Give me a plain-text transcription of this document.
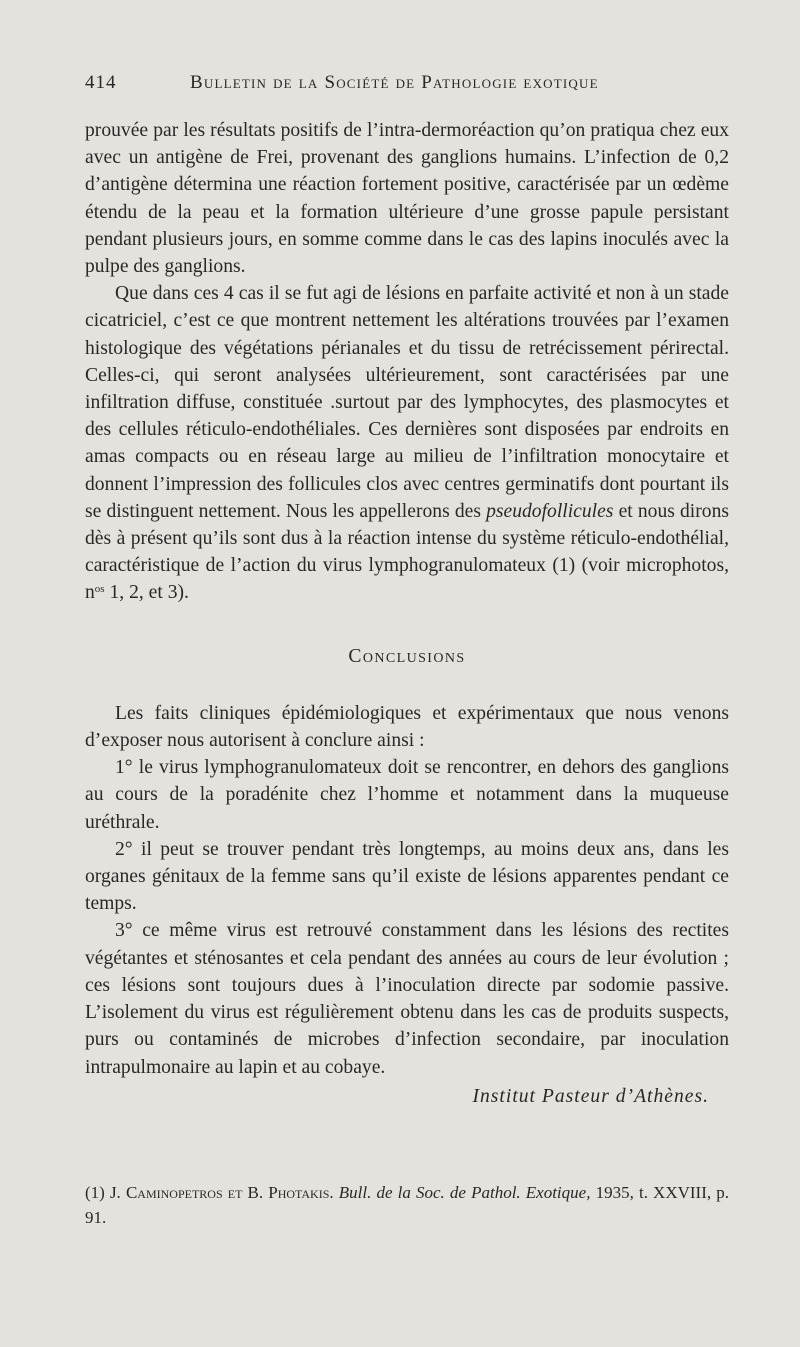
414	Bulletin de la Société de Pathologie exotique

prouvée par les résultats positifs de l’intra-dermoréaction qu’on pratiqua chez eux avec un antigène de Frei, provenant des ganglions humains. L’infection de 0,2 d’antigène détermina une réaction fortement positive, caractérisée par un œdème étendu de la peau et la formation ultérieure d’une grosse papule persistant pendant plusieurs jours, en somme comme dans le cas des lapins inoculés avec la pulpe des ganglions.

Que dans ces 4 cas il se fut agi de lésions en parfaite activité et non à un stade cicatriciel, c’est ce que montrent nettement les altérations trouvées par l’examen histologique des végétations périanales et du tissu de retrécissement périrectal. Celles-ci, qui seront analysées ultérieurement, sont caractérisées par une infiltration diffuse, constituée .surtout par des lymphocytes, des plasmocytes et des cellules réticulo-endothéliales. Ces dernières sont disposées par endroits en amas compacts ou en réseau large au milieu de l’infiltration monocytaire et donnent l’impression des follicules clos avec centres germinatifs dont pourtant ils se distinguent nettement. Nous les appellerons des pseudofollicules et nous dirons dès à présent qu’ils sont dus à la réaction intense du système réticulo-endothélial, caractéristique de l’action du virus lymphogranulomateux (1) (voir microphotos, $n^{os}$ 1, 2, et 3).

Conclusions

Les faits cliniques épidémiologiques et expérimentaux que nous venons d’exposer nous autorisent à conclure ainsi :

1° le virus lymphogranulomateux doit se rencontrer, en dehors des ganglions au cours de la poradénite chez l’homme et notamment dans la muqueuse uréthrale.

2° il peut se trouver pendant très longtemps, au moins deux ans, dans les organes génitaux de la femme sans qu’il existe de lésions apparentes pendant ce temps.

3° ce même virus est retrouvé constamment dans les lésions des rectites végétantes et sténosantes et cela pendant des années au cours de leur évolution ; ces lésions sont toujours dues à l’inoculation directe par sodomie passive. L’isolement du virus est régulièrement obtenu dans les cas de produits suspects, purs ou contaminés de microbes d’infection secondaire, par inoculation intrapulmonaire au lapin et au cobaye.

Institut Pasteur d’Athènes.
(1) J. Caminopetros et B. Photakis. Bull. de la Soc. de Pathol. Exotique, 1935, t. XXVIII, p. 91.
